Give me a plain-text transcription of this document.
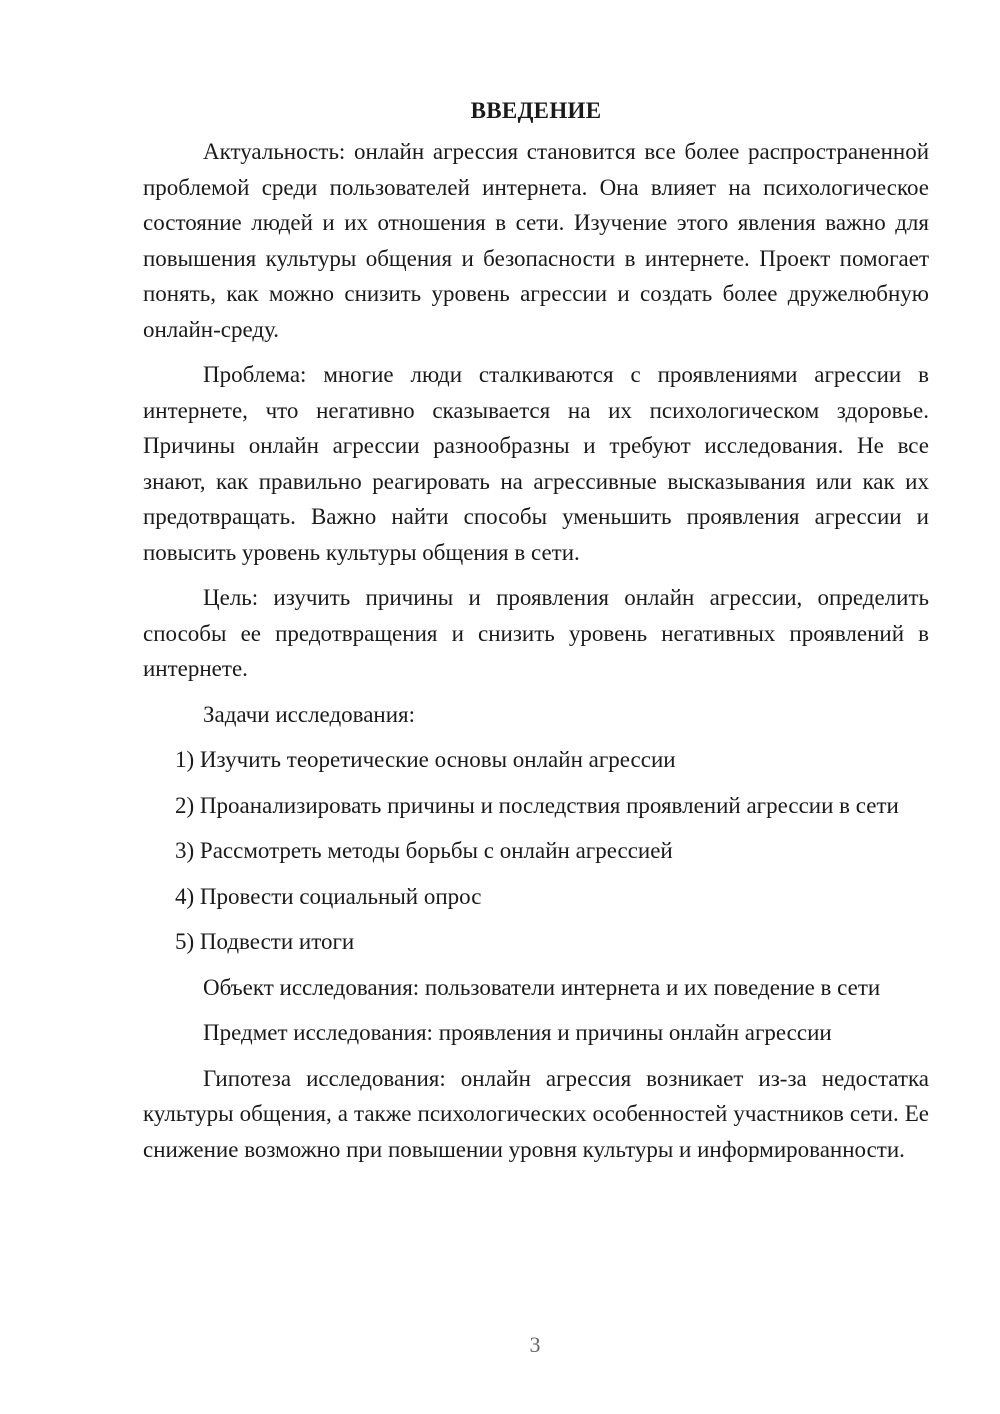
ВВЕДЕНИЕ

Актуальность: онлайн агрессия становится все более распространенной проблемой среди пользователей интернета. Она влияет на психологическое состояние людей и их отношения в сети. Изучение этого явления важно для повышения культуры общения и безопасности в интернете. Проект помогает понять, как можно снизить уровень агрессии и создать более дружелюбную онлайн-среду.

Проблема: многие люди сталкиваются с проявлениями агрессии в интернете, что негативно сказывается на их психологическом здоровье. Причины онлайн агрессии разнообразны и требуют исследования. Не все знают, как правильно реагировать на агрессивные высказывания или как их предотвращать. Важно найти способы уменьшить проявления агрессии и повысить уровень культуры общения в сети.

Цель: изучить причины и проявления онлайн агрессии, определить способы ее предотвращения и снизить уровень негативных проявлений в интернете.

Задачи исследования:

1) Изучить теоретические основы онлайн агрессии

2) Проанализировать причины и последствия проявлений агрессии в сети

3) Рассмотреть методы борьбы с онлайн агрессией

4) Провести социальный опрос

5) Подвести итоги

Объект исследования: пользователи интернета и их поведение в сети

Предмет исследования: проявления и причины онлайн агрессии

Гипотеза исследования: онлайн агрессия возникает из-за недостатка культуры общения, а также психологических особенностей участников сети. Ее снижение возможно при повышении уровня культуры и информированности.

3
